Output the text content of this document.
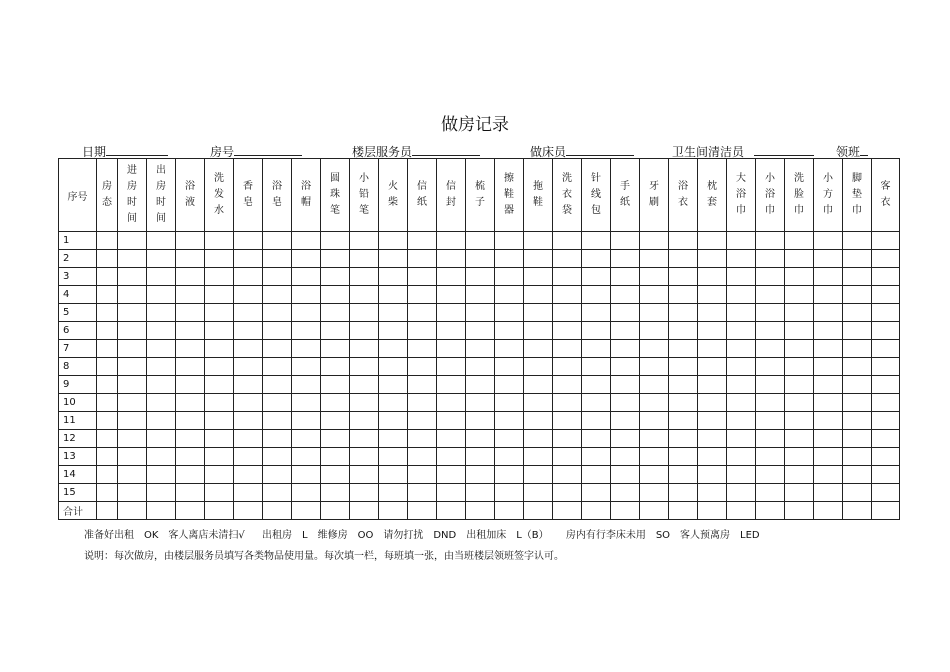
做房记录
日期	房号	楼层服务员	做床员	卫生间清洁员	领班
序号	房态	进房时间	出房时间	浴液	洗发水	香皂	浴皂	浴帽	圆珠笔	小铅笔	火柴	信纸	信封	梳子	擦鞋器	拖鞋	洗衣袋	针线包	手纸	牙刷	浴衣	枕套	大浴巾	小浴巾	洗脸巾	小方巾	脚垫巾	客衣
1																												
2																												
3																												
4																												
5																												
6																												
7																												
8																												
9																												
10																												
11																												
12																												
13																												
14																												
15																												
合计																												
准备好出租　OK　客人离店未清扫√ 出租房　L　维修房　OO　请勿打扰　DND　出租加床　L（B） 房内有行李床未用　SO　客人预离房　LED
说明：每次做房，由楼层服务员填写各类物品使用量。每次填一栏，每班填一张，由当班楼层领班签字认可。
